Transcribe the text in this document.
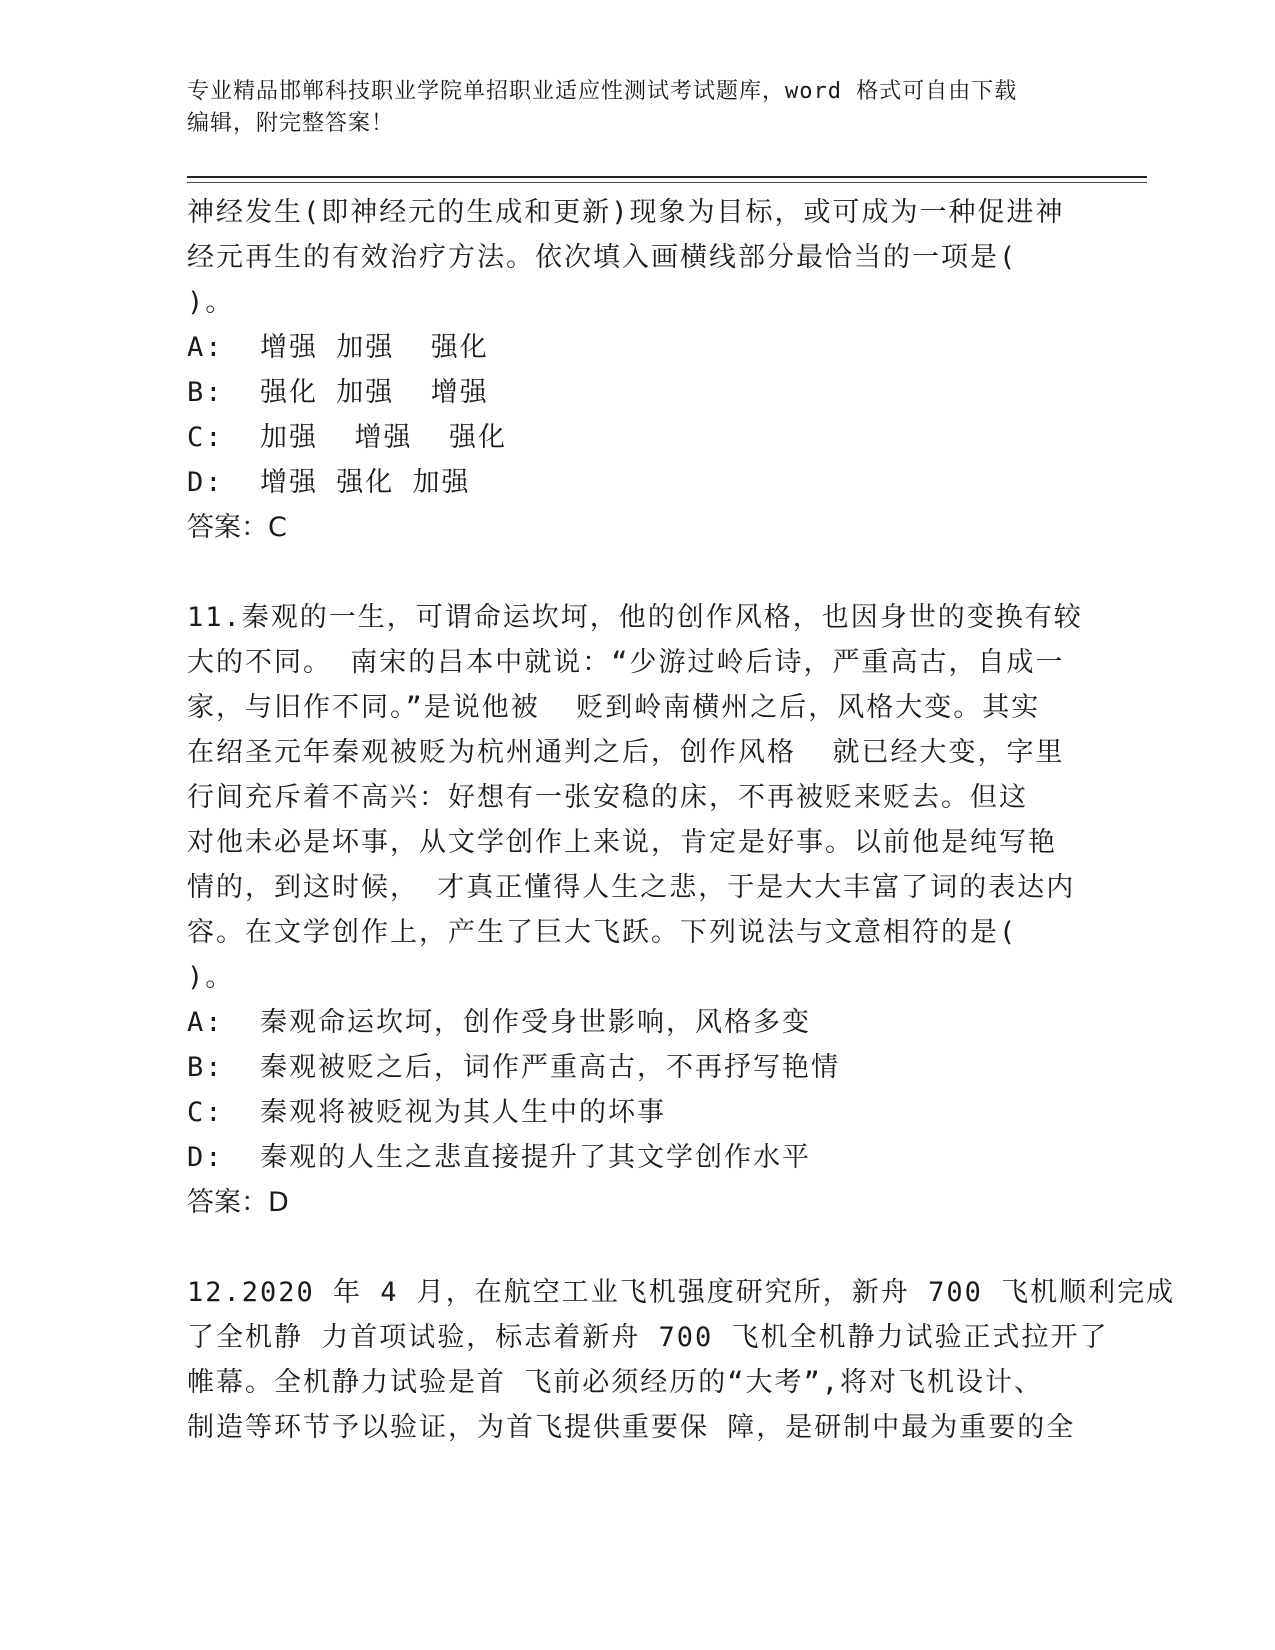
专业精品邯郸科技职业学院单招职业适应性测试考试题库，word 格式可自由下载
编辑，附完整答案！
神经发生(即神经元的生成和更新)现象为目标，或可成为一种促进神
经元再生的有效治疗方法。依次填入画横线部分最恰当的一项是(
)。
A:  增强 加强  强化
B:  强化 加强  增强
C:  加强  增强  强化
D:  增强 强化 加强
答案：C
11.秦观的一生，可谓命运坎坷，他的创作风格，也因身世的变换有较
大的不同。 南宋的吕本中就说：“少游过岭后诗，严重高古，自成一
家，与旧作不同。”是说他被  贬到岭南横州之后，风格大变。其实
在绍圣元年秦观被贬为杭州通判之后，创作风格  就已经大变，字里
行间充斥着不高兴：好想有一张安稳的床，不再被贬来贬去。但这
对他未必是坏事，从文学创作上来说，肯定是好事。以前他是纯写艳
情的，到这时候， 才真正懂得人生之悲，于是大大丰富了词的表达内
容。在文学创作上，产生了巨大飞跃。下列说法与文意相符的是(
)。
A:  秦观命运坎坷，创作受身世影响，风格多变
B:  秦观被贬之后，词作严重高古，不再抒写艳情
C:  秦观将被贬视为其人生中的坏事
D:  秦观的人生之悲直接提升了其文学创作水平
答案：D
12.2020 年 4 月，在航空工业飞机强度研究所，新舟 700 飞机顺利完成
了全机静 力首项试验，标志着新舟 700 飞机全机静力试验正式拉开了
帷幕。全机静力试验是首 飞前必须经历的“大考”,将对飞机设计、
制造等环节予以验证，为首飞提供重要保 障，是研制中最为重要的全
